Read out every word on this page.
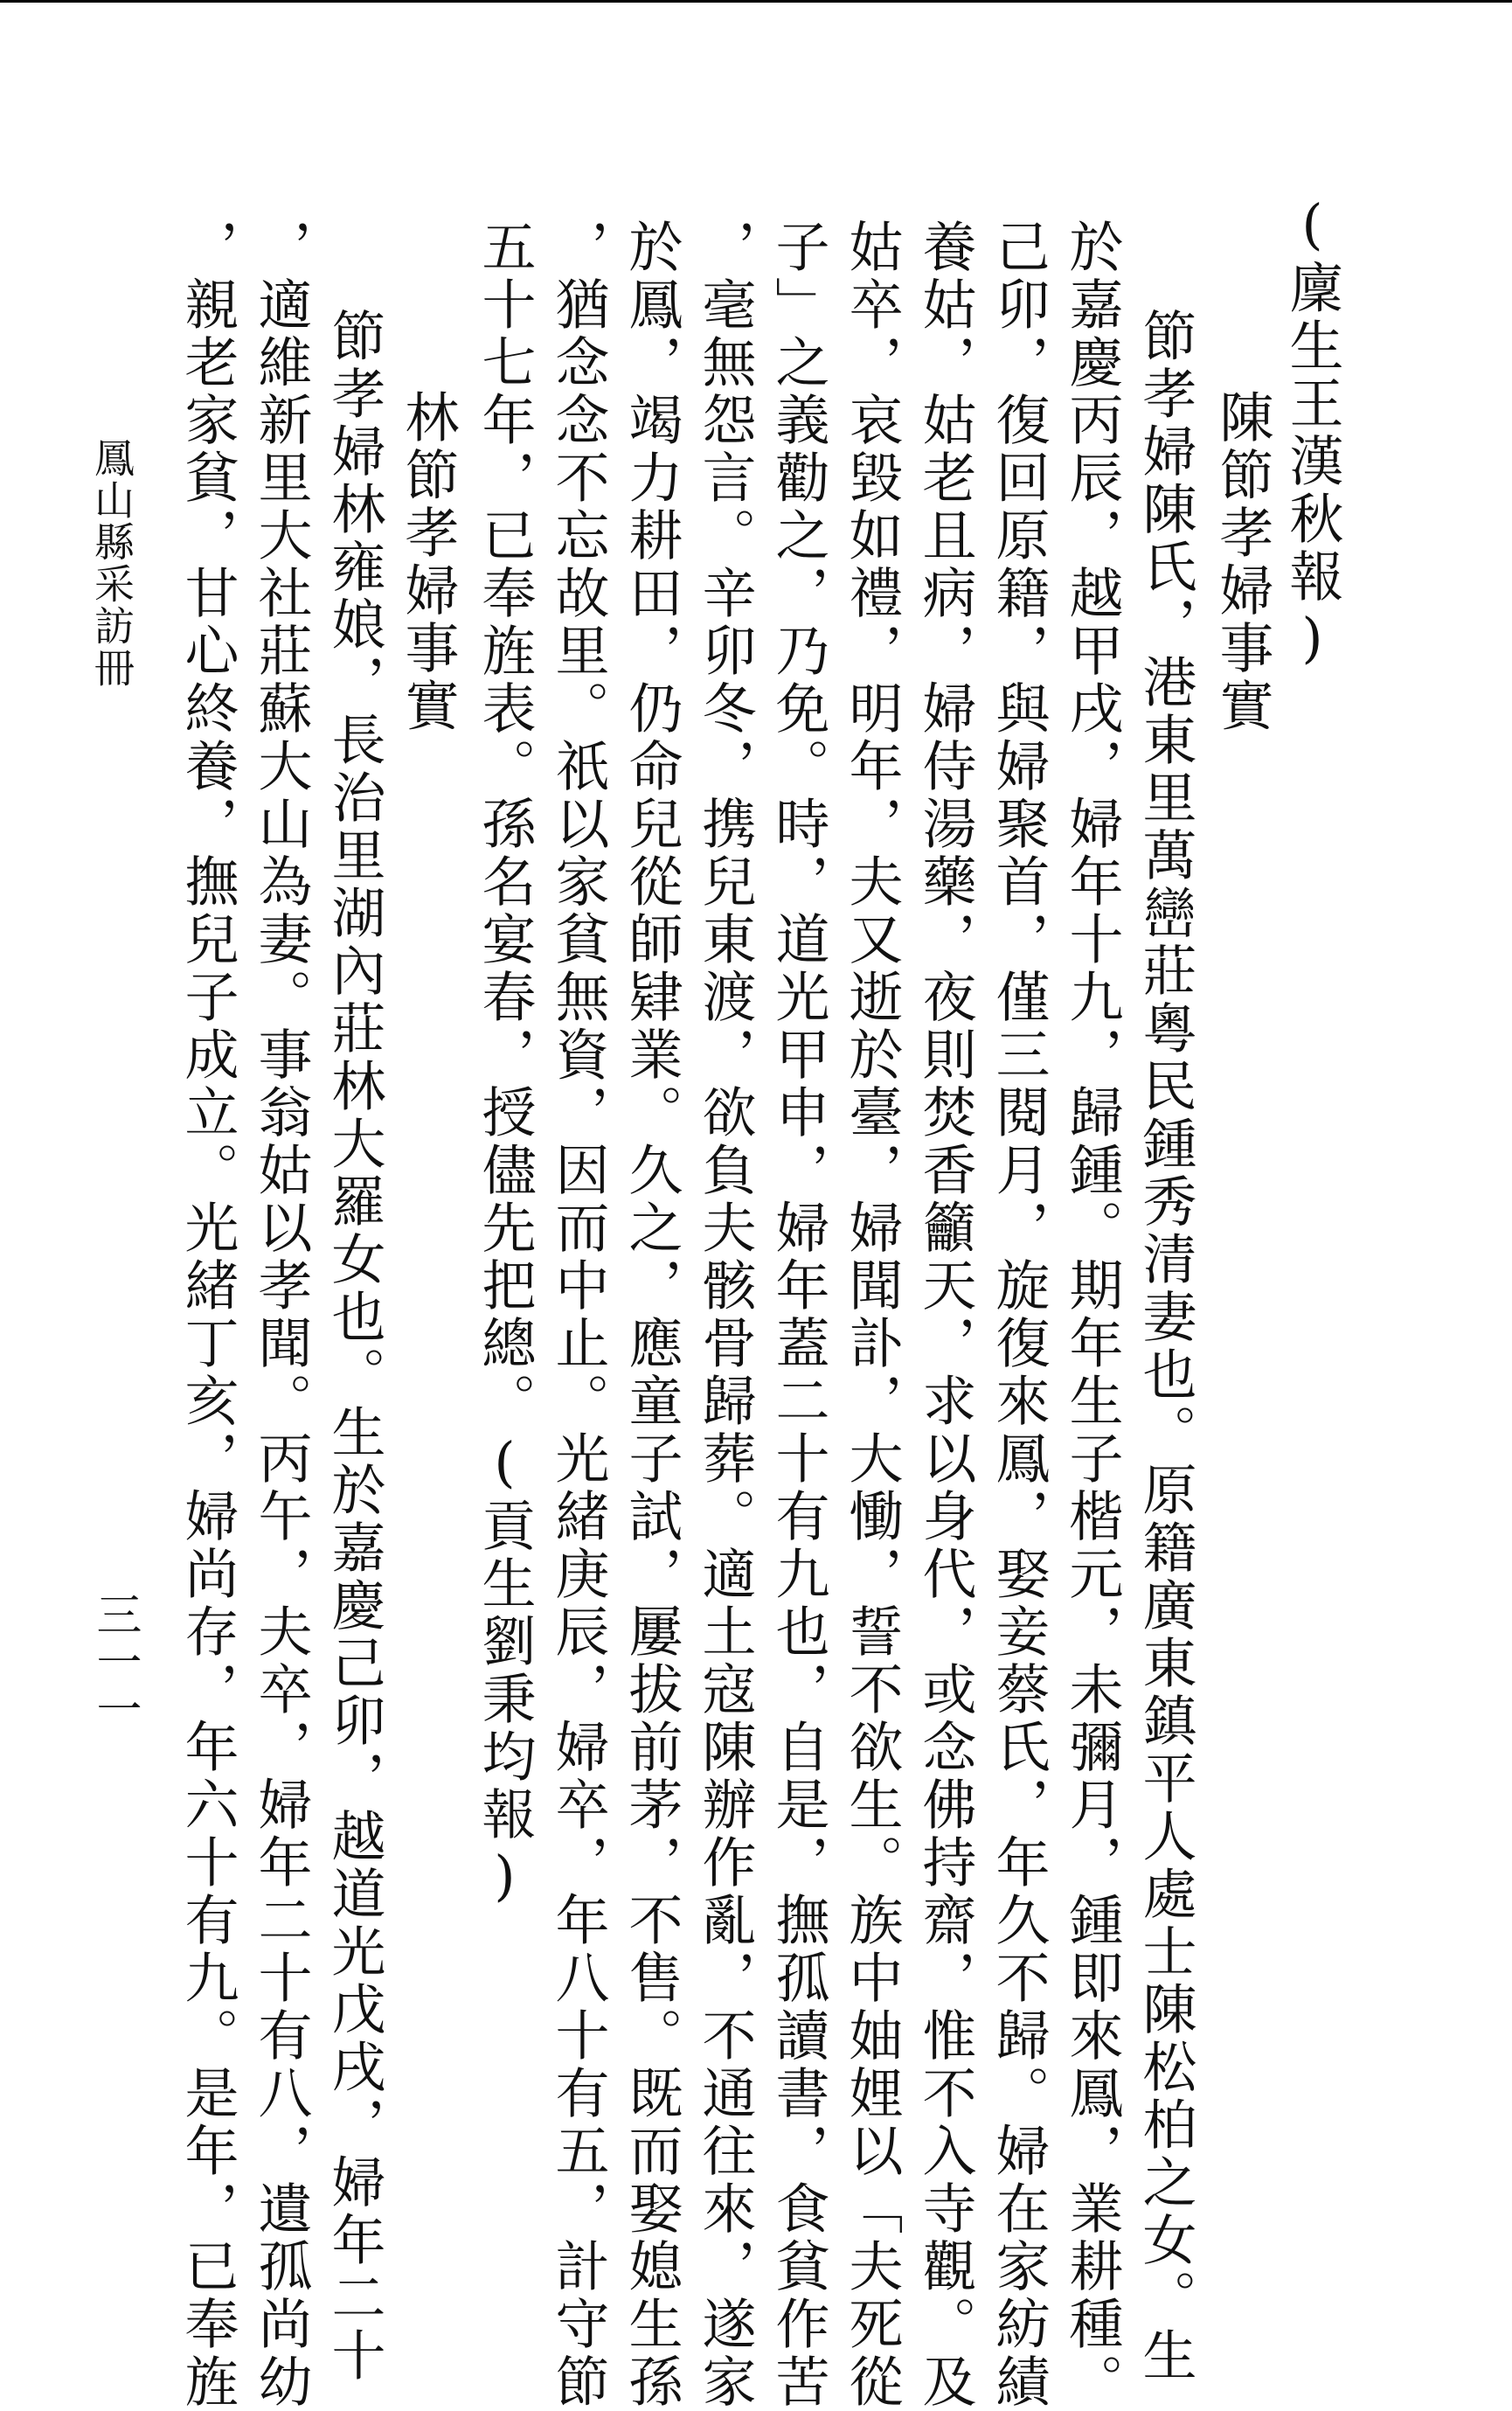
(廩生王漢秋報)
陳節孝婦事實
節孝婦陳氏，港東里萬巒莊粵民鍾秀清妻也。原籍廣東鎮平人處士陳松柏之女。生
於嘉慶丙辰，越甲戌，婦年十九，歸鍾。期年生子楷元，未彌月，鍾即來鳳，業耕種。
己卯，復回原籍，與婦聚首，僅三閱月，旋復來鳳，娶妾蔡氏，年久不歸。婦在家紡績
養姑，姑老且病，婦侍湯藥，夜則焚香籲天，求以身代，或念佛持齋，惟不入寺觀。及
姑卒，哀毀如禮，明年，夫又逝於臺，婦聞訃，大慟，誓不欲生。族中妯娌以「夫死從
子」之義勸之，乃免。時，道光甲申，婦年蓋二十有九也，自是，撫孤讀書，食貧作苦
，毫無怨言。辛卯冬，携兒東渡，欲負夫骸骨歸葬。適土寇陳辦作亂，不通往來，遂家
於鳳，竭力耕田，仍命兒從師肄業。久之，應童子試，屢拔前茅，不售。既而娶媳生孫
，猶念念不忘故里。祇以家貧無資，因而中止。光緒庚辰，婦卒，年八十有五，計守節
五十七年，已奉旌表。孫名宴春，授儘先把總。(貢生劉秉均報)
林節孝婦事實
節孝婦林雍娘，長治里湖內莊林大羅女也。生於嘉慶己卯，越道光戊戌，婦年二十
，適維新里大社莊蘇大山為妻。事翁姑以孝聞。丙午，夫卒，婦年二十有八，遺孤尚幼
，親老家貧，甘心終養，撫兒子成立。光緒丁亥，婦尚存，年六十有九。是年，已奉旌
鳳山縣采訪冊
三一一
